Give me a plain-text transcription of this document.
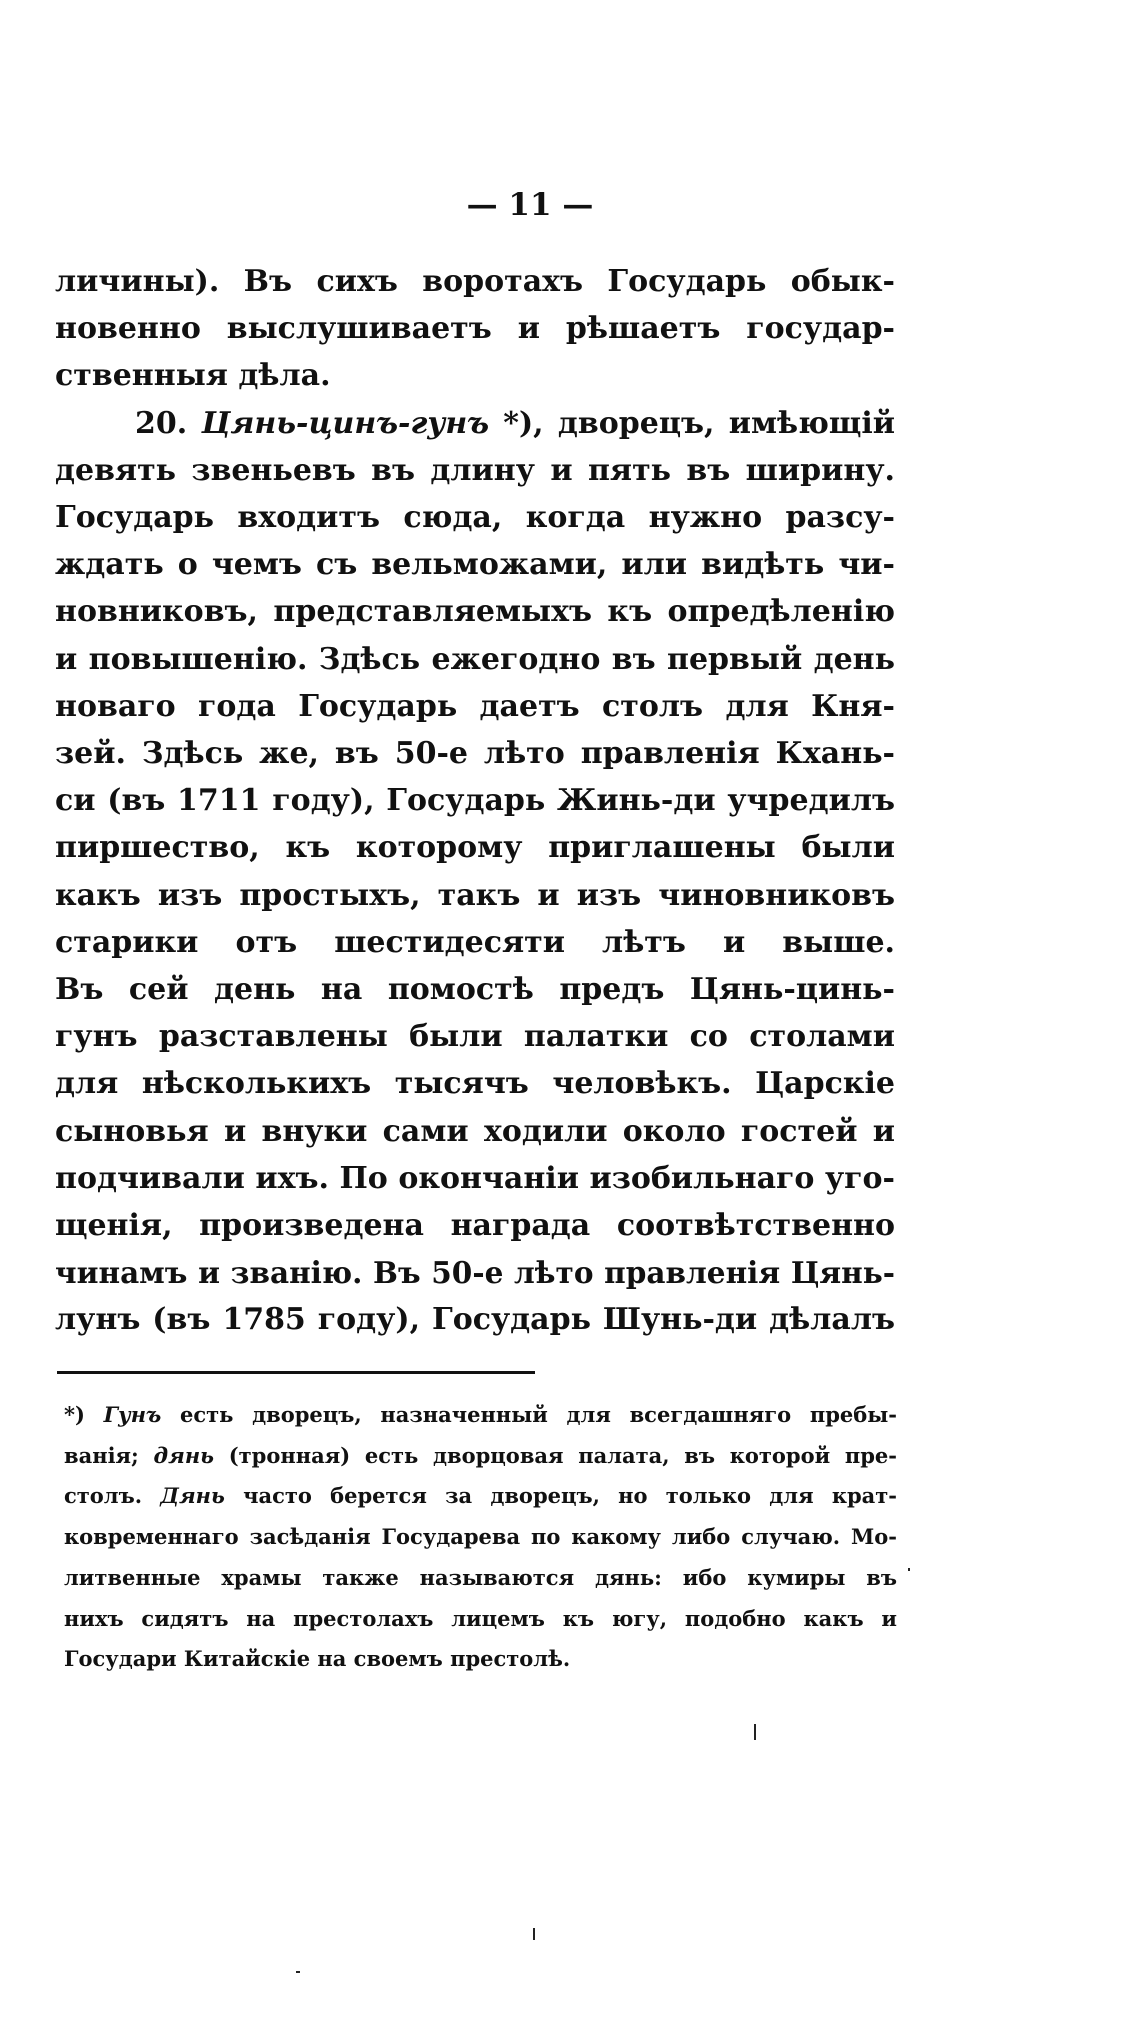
— 11 —
личины). Въ сихъ воротахъ Государь обык-
новенно выслушиваетъ и рѣшаетъ государ-
ственныя дѣла.
20. Цянь-цинъ-гунъ *), дворецъ, имѣющій
девять звеньевъ въ длину и пять въ ширину.
Государь входитъ сюда, когда нужно разсу-
ждать о чемъ съ вельможами, или видѣть чи-
новниковъ, представляемыхъ къ опредѣленію
и повышенію. Здѣсь ежегодно въ первый день
новаго года Государь даетъ столъ для Кня-
зей. Здѣсь же, въ 50-е лѣто правленія Кхань-
си (въ 1711 году), Государь Жинь-ди учредилъ
пиршество, къ которому приглашены были
какъ изъ простыхъ, такъ и изъ чиновниковъ
старики отъ шестидесяти лѣтъ и выше.
Въ сей день на помостѣ предъ Цянь-цинь-
гунъ разставлены были палатки со столами
для нѣсколькихъ тысячъ человѣкъ. Царскіе
сыновья и внуки сами ходили около гостей и
подчивали ихъ. По окончаніи изобильнаго уго-
щенія, произведена награда соотвѣтственно
чинамъ и званію. Въ 50-е лѣто правленія Цянь-
лунъ (въ 1785 году), Государь Шунь-ди дѣлалъ
*) Гунъ есть дворецъ, назначенный для всегдашняго пребы-
ванія; дянь (тронная) есть дворцовая палата, въ которой пре-
столъ. Дянь часто берется за дворецъ, но только для крат-
ковременнаго засѣданія Государева по какому либо случаю. Мо-
литвенные храмы также называются дянь: ибо кумиры въ
нихъ сидятъ на престолахъ лицемъ къ югу, подобно какъ и
Государи Китайскіе на своемъ престолѣ.
